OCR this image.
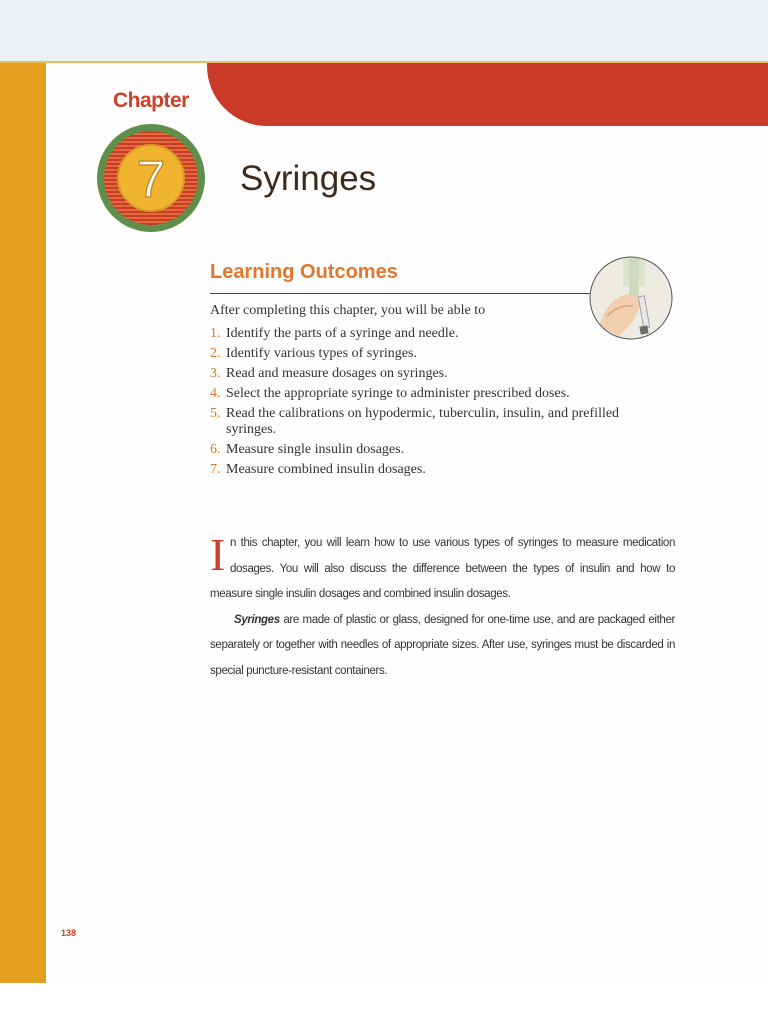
Chapter
7 Syringes
Learning Outcomes
After completing this chapter, you will be able to
1. Identify the parts of a syringe and needle.
2. Identify various types of syringes.
3. Read and measure dosages on syringes.
4. Select the appropriate syringe to administer prescribed doses.
5. Read the calibrations on hypodermic, tuberculin, insulin, and prefilled syringes.
6. Measure single insulin dosages.
7. Measure combined insulin dosages.

In this chapter, you will learn how to use various types of syringes to measure medication dosages. You will also discuss the difference between the types of insulin and how to measure single insulin dosages and combined insulin dosages.

Syringes are made of plastic or glass, designed for one-time use, and are packaged either separately or together with needles of appropriate sizes. After use, syringes must be discarded in special puncture-resistant containers.

138
